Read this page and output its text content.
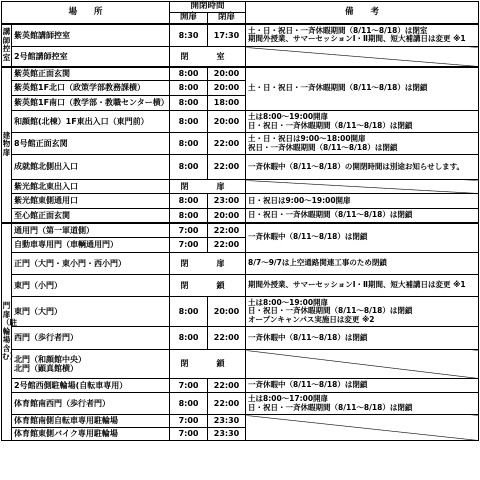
場　　所		開閉時間		備　　考
		開扉	閉扉	
講師控室	紫英館講師控室	8:30	17:30	土・日・祝日・一斉休暇期間（8/11～8/18）は閉室
期間外授業、サマーセッションⅠ・Ⅱ期間、短大補講日は変更 ※1

	2号館講師控室	閉　室		
建物扉	紫英館正面玄関	8:00	20:00	土・日・祝日・一斉休暇期間（8/11～8/18）は閉鎖

	紫英館1F北口（政策学部教務課横）	8:00	20:00	
	紫英館1F南口（教学部・教職センター横）	8:00	18:00	
	和顔館(北棟）1F東出入口（東門前）	8:00	20:00	土は8:00～19:00開扉
日・祝日・一斉休暇期間（8/11～8/18）は閉鎖

	8号館正面玄関	8:00	22:00	土・日・祝日は9:00～18:00開扉
祝日・一斉休暇期間（8/11～8/18）は閉鎖

	成就館北側出入口	8:00	22:00	一斉休暇中（8/11～8/18）の開閉時間は別途お知らせします。

	紫光館北東出入口	閉　扉		
	紫光館東側通用口	8:00	23:00	日・祝日は9:00～19:00開扉

	至心館正面玄関	8:00	20:00	日・祝日・一斉休暇期間（8/11～8/18）は閉鎖

門扉（駐輪場含む）	通用門（第一軍道側）	7:00	22:00	一斉休暇中（8/11～8/18）は閉鎖

	自動車専用門（車輌通用門）	7:00	22:00	
	正門（大門・東小門・西小門）	閉　扉		8/7～9/7は上空通路関連工事のため閉鎖

	東門（小門）	閉　鎖		期間外授業、サマーセッションⅠ・Ⅱ期間、短大補講日は変更 ※1

	東門（大門）	8:00	20:00	土は8:00～19:00開扉
日・祝日・一斉休暇期間（8/11～8/18）は閉鎖
オープンキャンパス実施日は変更 ※2

	西門（歩行者門）	8:00	22:00	一斉休暇中（8/11～8/18）は閉鎖

	北門（和顔館中央）
北門（顕真館横）	閉　鎖		
	2号館西側駐輪場(自転車専用）	7:00	22:00	一斉休暇中（8/11～8/18）は閉鎖

	体育館南西門（歩行者門）	8:00	22:00	土は8:00～17:00開扉
日・祝日・一斉休暇期間（8/11～8/18）は閉鎖

	体育館南側自転車専用駐輪場	7:00	23:30	
	体育館東側バイク専用駐輪場	7:00	23:30	
